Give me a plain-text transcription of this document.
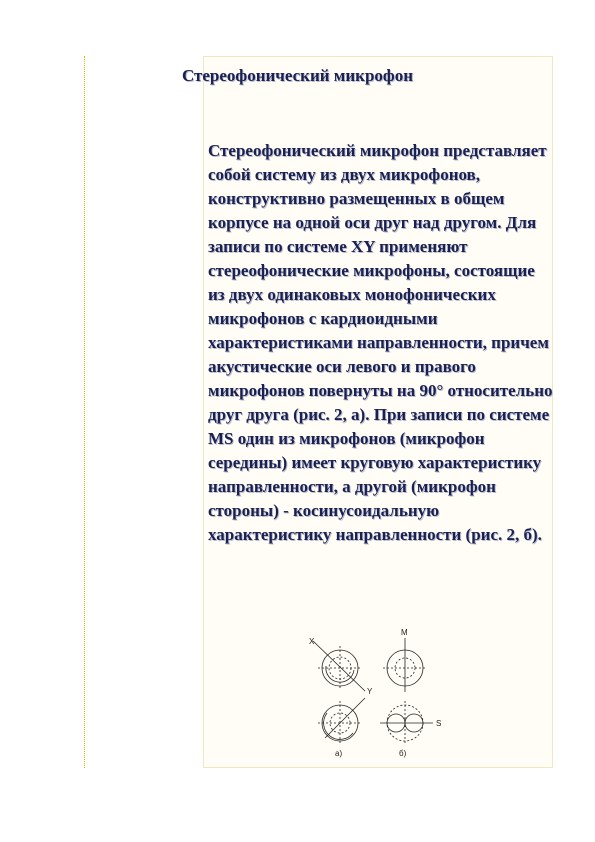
Стереофонический микрофон

Стереофонический микрофон представляет собой систему из двух микрофонов, конструктивно размещенных в общем корпусе на одной оси друг над другом. Для записи по системе XY применяют стереофонические микрофоны, состоящие из двух одинаковых монофонических микрофонов с кардиоидными характеристиками направленности, причем акустические оси левого и правого микрофонов повернуты на 90° относительно друг друга (рис. 2, а). При записи по системе MS один из микрофонов (микрофон середины) имеет круговую характеристику направленности, а другой (микрофон стороны) - косинусоидальную характеристику направленности (рис. 2, б).

X
Y
а)
M
S
б)
